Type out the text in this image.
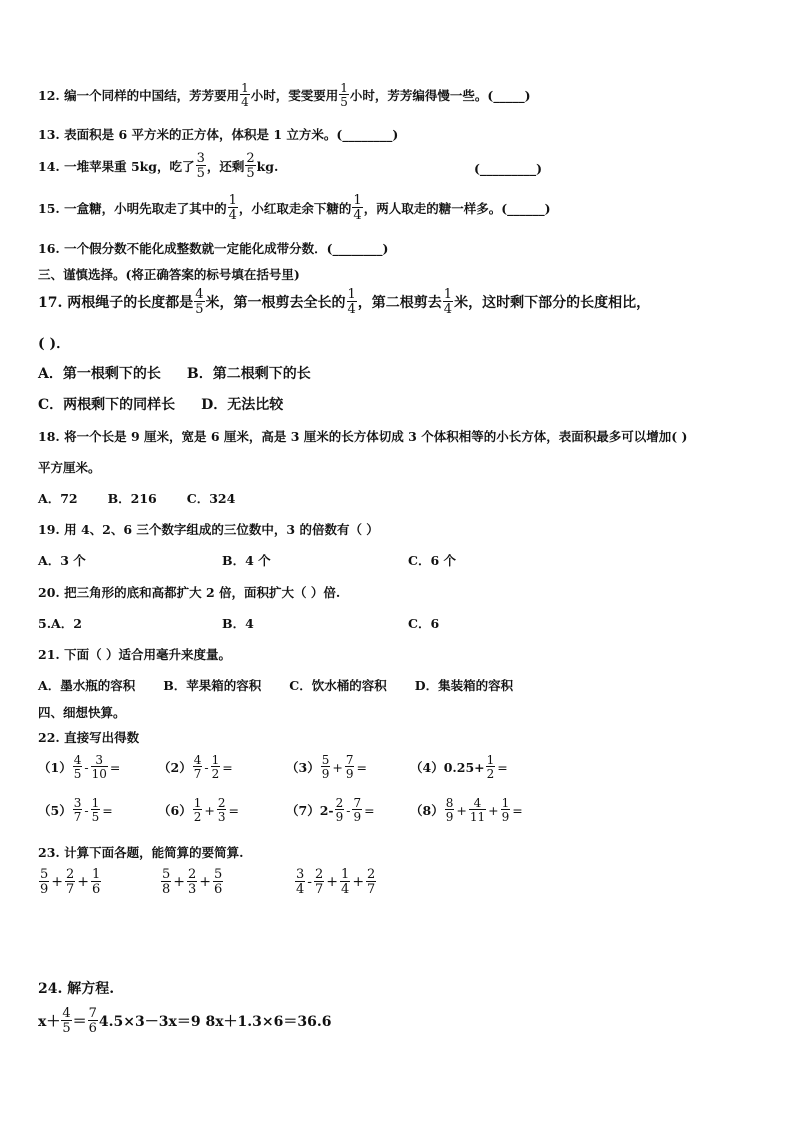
12. 编一个同样的中国结，芳芳要用 $\frac{1}{4}$ 小时，雯雯要用 $\frac{1}{5}$ 小时，芳芳编得慢一些。(_____)
13. 表面积是 6 平方米的正方体，体积是 1 立方米。(________)
14. 一堆苹果重 5kg，吃了 $\frac{3}{5}$ ，还剩 $\frac{2}{5}$ kg.	(_________)
15. 一盒糖，小明先取走了其中的 $\frac{1}{4}$ ，小红取走余下糖的 $\frac{1}{4}$ ，两人取走的糖一样多。(______)
16. 一个假分数不能化成整数就一定能化成带分数．(________)
三、谨慎选择。(将正确答案的标号填在括号里)
17. 两根绳子的长度都是 $\frac{4}{5}$ 米，第一根剪去全长的 $\frac{1}{4}$ ，第二根剪去 $\frac{1}{4}$ 米，这时剩下部分的长度相比，
( )．
A．第一根剩下的长 B．第二根剩下的长
C．两根剩下的同样长 D．无法比较
18. 将一个长是 9 厘米，宽是 6 厘米，高是 3 厘米的长方体切成 3 个体积相等的小长方体，表面积最多可以增加( )
平方厘米。
A．72 B．216 C．324
19. 用 4、2、6 三个数字组成的三位数中，3 的倍数有（ ）
A．3 个	B．4 个	C．6 个
20. 把三角形的底和高都扩大 2 倍，面积扩大（ ）倍.
5.A．2	B．4	C．6
21. 下面（ ）适合用毫升来度量。
A．墨水瓶的容积 B．苹果箱的容积 C．饮水桶的容积 D．集装箱的容积
四、细想快算。
22. 直接写出得数
$(1) \frac{4}{5} - \frac{3}{10}$ =	$(2) \frac{4}{7} - \frac{1}{2}$ =	$(3) \frac{5}{9} + \frac{7}{9}$ =	$(4)0.25+ \frac{1}{2}$ =
$(5) \frac{3}{7} - \frac{1}{5}$ =	$(6) \frac{1}{2} + \frac{2}{3}$ =	$(7)2- \frac{2}{9} - \frac{7}{9}$ =	$(8) \frac{8}{9} + \frac{4}{11} + \frac{1}{9}$ =
23. 计算下面各题，能简算的要简算.
$\frac{5}{9} + \frac{2}{7} + \frac{1}{6}$	$\frac{5}{8} + \frac{2}{3} + \frac{5}{6}$	$\frac{3}{4} - \frac{2}{7} + \frac{1}{4} + \frac{2}{7}$
24. 解方程.
$x+ \frac{4}{5} = \frac{7}{6} 4.5\times 3-3x=9$ 8x＋1.3×6＝36.6
